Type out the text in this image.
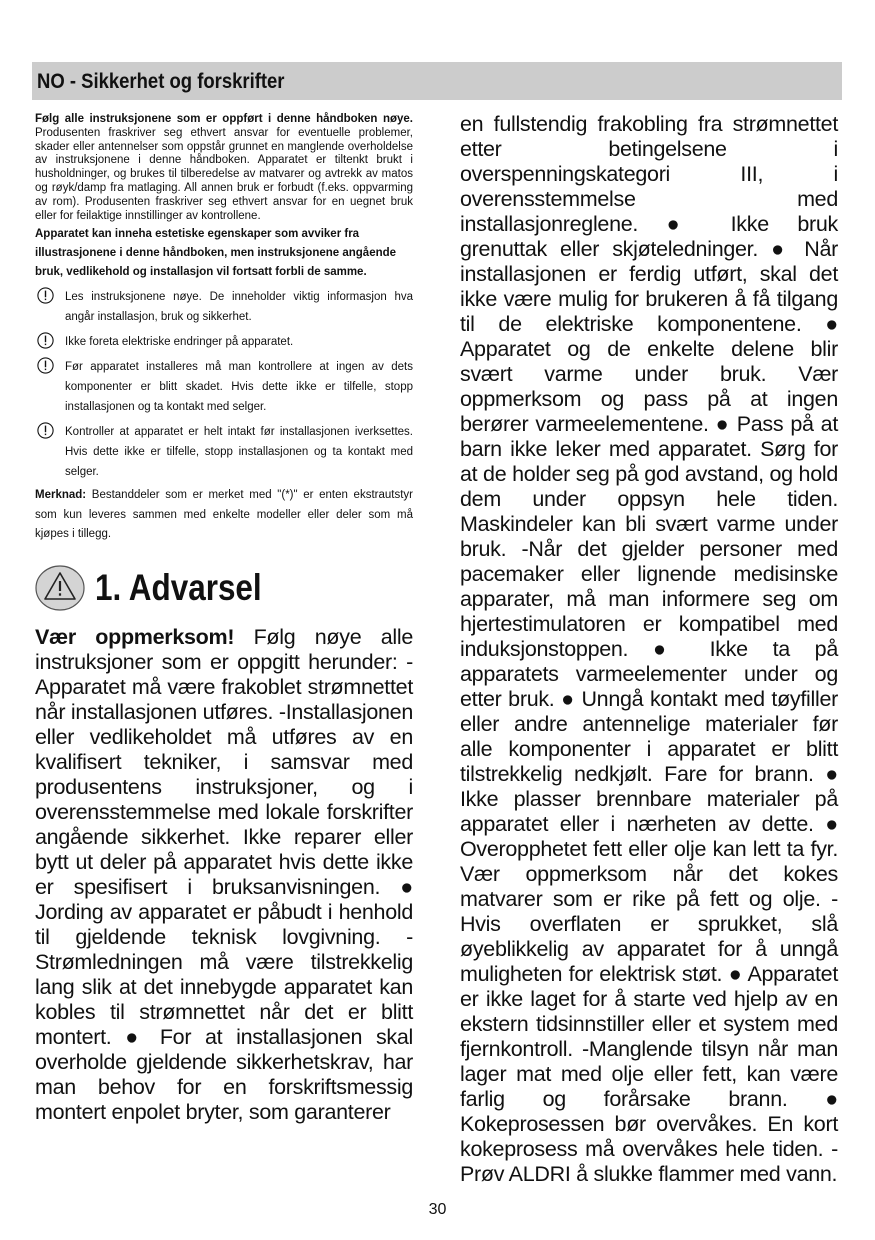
NO - Sikkerhet og forskrifter

Følg alle instruksjonene som er oppført i denne håndboken nøye. Produsenten fraskriver seg ethvert ansvar for eventuelle problemer, skader eller antennelser som oppstår grunnet en manglende overholdelse av instruksjonene i denne håndboken. Apparatet er tiltenkt brukt i husholdninger, og brukes til tilberedelse av matvarer og avtrekk av matos og røyk/damp fra matlaging. All annen bruk er forbudt (f.eks. oppvarming av rom). Produsenten fraskriver seg ethvert ansvar for en uegnet bruk eller for feilaktige innstillinger av kontrollene.

Apparatet kan inneha estetiske egenskaper som avviker fra illustrasjonene i denne håndboken, men instruksjonene angående bruk, vedlikehold og installasjon vil fortsatt forbli de samme.

Les instruksjonene nøye. De inneholder viktig informasjon hva angår installasjon, bruk og sikkerhet.

Ikke foreta elektriske endringer på apparatet.

Før apparatet installeres må man kontrollere at ingen av dets komponenter er blitt skadet. Hvis dette ikke er tilfelle, stopp installasjonen og ta kontakt med selger.

Kontroller at apparatet er helt intakt før installasjonen iverksettes. Hvis dette ikke er tilfelle, stopp installasjonen og ta kontakt med selger.

Merknad: Bestanddeler som er merket med "(*)" er enten ekstrautstyr som kun leveres sammen med enkelte modeller eller deler som må kjøpes i tillegg.

1. Advarsel

Vær oppmerksom! Følg nøye alle instruksjoner som er oppgitt herunder: -Apparatet må være frakoblet strømnettet når installasjonen utføres. -Installasjonen eller vedlikeholdet må utføres av en kvalifisert tekniker, i samsvar med produsentens instruksjoner, og i overensstemmelse med lokale forskrifter angående sikkerhet. Ikke reparer eller bytt ut deler på apparatet hvis dette ikke er spesifisert i bruksanvisningen. ● Jording av apparatet er påbudt i henhold til gjeldende teknisk lovgivning. -Strømledningen må være tilstrekkelig lang slik at det innebygde apparatet kan kobles til strømnettet når det er blitt montert. ● For at installasjonen skal overholde gjeldende sikkerhetskrav, har man behov for en forskriftsmessig montert enpolet bryter, som garanterer

en fullstendig frakobling fra strømnettet etter betingelsene i overspenningskategori III, i overensstemmelse med installasjonreglene. ● Ikke bruk grenuttak eller skjøteledninger. ● Når installasjonen er ferdig utført, skal det ikke være mulig for brukeren å få tilgang til de elektriske komponentene. ● Apparatet og de enkelte delene blir svært varme under bruk. Vær oppmerksom og pass på at ingen berører varmeelementene. ● Pass på at barn ikke leker med apparatet. Sørg for at de holder seg på god avstand, og hold dem under oppsyn hele tiden. Maskindeler kan bli svært varme under bruk. -Når det gjelder personer med pacemaker eller lignende medisinske apparater, må man informere seg om hjertestimulatoren er kompatibel med induksjonstoppen. ● Ikke ta på apparatets varmeelementer under og etter bruk. ● Unngå kontakt med tøyfiller eller andre antennelige materialer før alle komponenter i apparatet er blitt tilstrekkelig nedkjølt. Fare for brann. ● Ikke plasser brennbare materialer på apparatet eller i nærheten av dette. ● Overopphetet fett eller olje kan lett ta fyr. Vær oppmerksom når det kokes matvarer som er rike på fett og olje. -Hvis overflaten er sprukket, slå øyeblikkelig av apparatet for å unngå muligheten for elektrisk støt. ● Apparatet er ikke laget for å starte ved hjelp av en ekstern tidsinnstiller eller et system med fjernkontroll. -Manglende tilsyn når man lager mat med olje eller fett, kan være farlig og forårsake brann. ● Kokeprosessen bør overvåkes. En kort kokeprosess må overvåkes hele tiden. -Prøv ALDRI å slukke flammer med vann.

30
